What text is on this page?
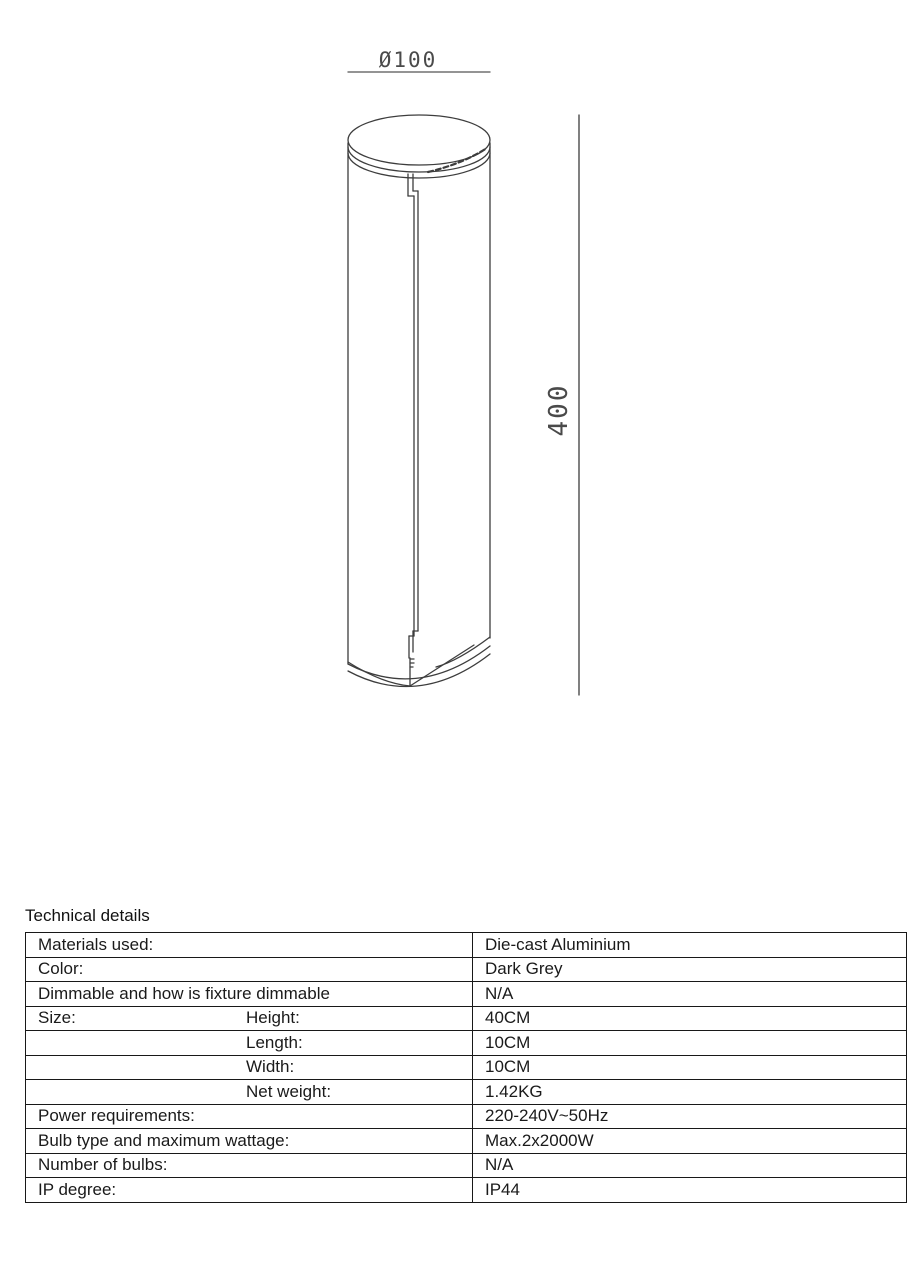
Ø100
400
Technical details
Materials used:	Die-cast Aluminium
Color:	Dark Grey
Dimmable and how is fixture dimmable	N/A
Size: Height:	40CM

Length:	10CM

Width:	10CM

Net weight:	1.42KG
Power requirements:	220-240V~50Hz
Bulb type and maximum wattage:	Max.2x2000W
Number of bulbs:	N/A
IP degree:	IP44
